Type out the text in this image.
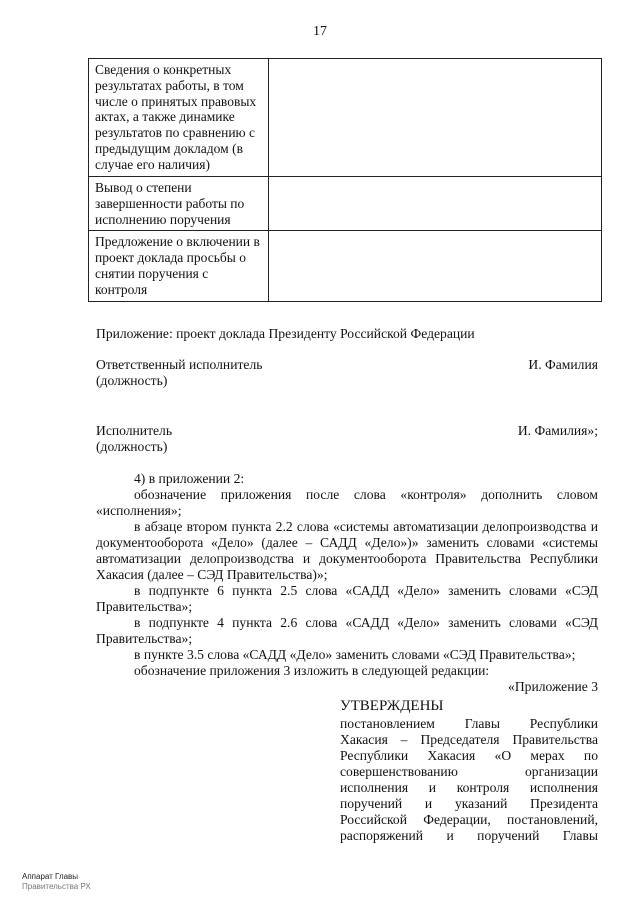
17
Сведения о конкретных результатах работы, в том числе о принятых правовых актах, а также динамике результатов по сравнению с предыдущим докладом (в случае его наличия)	
Вывод о степени завершенности работы по исполнению поручения	
Предложение о включении в проект доклада просьбы о снятии поручения с контроля	
Приложение: проект доклада Президенту Российской Федерации
Ответственный исполнитель
(должность)
И. Фамилия
Исполнитель
(должность)
И. Фамилия»;

4) в приложении 2:

обозначение приложения после слова «контроля» дополнить словом «исполнения»;

в абзаце втором пункта 2.2 слова «системы автоматизации делопроизводства и документооборота «Дело» (далее – САДД «Дело»)» заменить словами «системы автоматизации делопроизводства и документооборота Правительства Республики Хакасия (далее – СЭД Правительства)»;

в подпункте 6 пункта 2.5 слова «САДД «Дело» заменить словами «СЭД Правительства»;

в подпункте 4 пункта 2.6 слова «САДД «Дело» заменить словами «СЭД Правительства»;

в пункте 3.5 слова «САДД «Дело» заменить словами «СЭД Правительства»;

обозначение приложения 3 изложить в следующей редакции:

«Приложение 3
УТВЕРЖДЕНЫ
постановлением Главы Республики
Хакасия – Председателя Правительства
Республики Хакасия «О мерах по
совершенствованию организации
исполнения и контроля исполнения
поручений и указаний Президента
Российской Федерации, постановлений,
распоряжений и поручений Главы
Аппарат Главы
Правительства РХ
